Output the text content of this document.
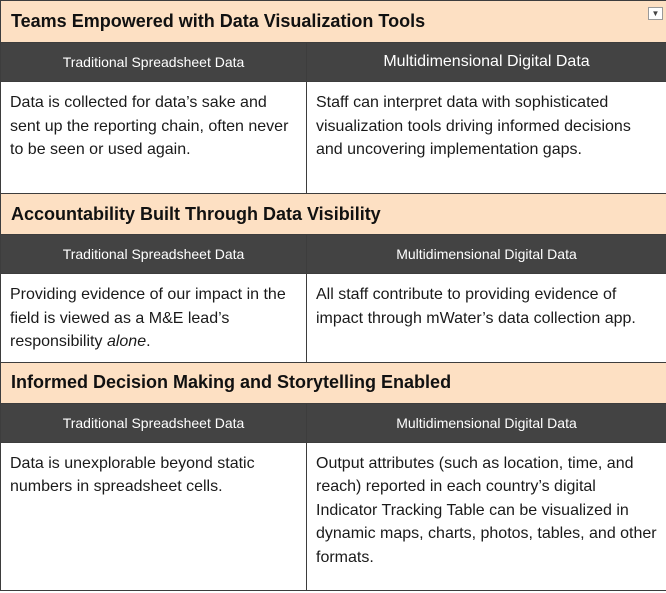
Teams Empowered with Data Visualization Tools	
Traditional Spreadsheet Data	Multidimensional Digital Data
Data is collected for data’s sake and sent up the reporting chain, often never to be seen or used again.	Staff can interpret data with sophisticated visualization tools driving informed decisions and uncovering implementation gaps.
Accountability Built Through Data Visibility	
Traditional Spreadsheet Data	Multidimensional Digital Data
Providing evidence of our impact in the field is viewed as a M&E lead’s responsibility alone.	All staff contribute to providing evidence of impact through mWater’s data collection app.
Informed Decision Making and Storytelling Enabled	
Traditional Spreadsheet Data	Multidimensional Digital Data
Data is unexplorable beyond static numbers in spreadsheet cells.	Output attributes (such as location, time, and reach) reported in each country’s digital Indicator Tracking Table can be visualized in dynamic maps, charts, photos, tables, and other formats.
▼
